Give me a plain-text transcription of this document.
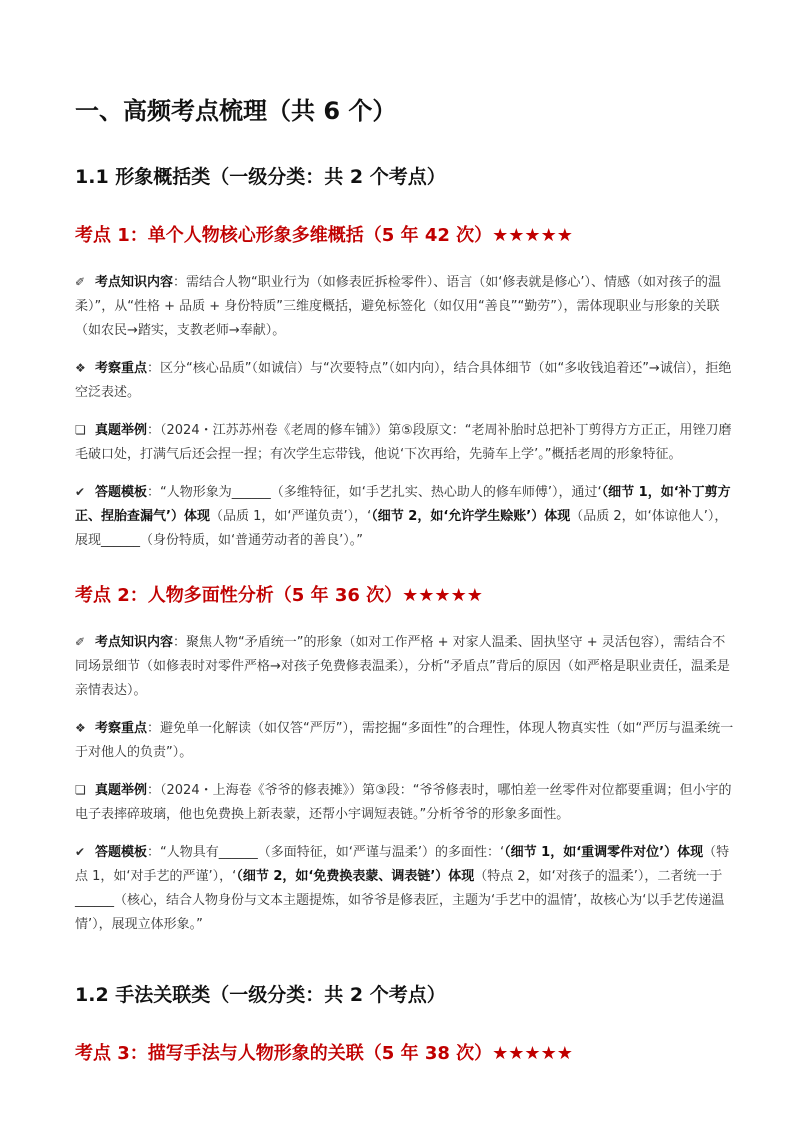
一、高频考点梳理（共 6 个）
1.1 形象概括类（一级分类：共 2 个考点）
考点 1：单个人物核心形象多维概括（5 年 42 次）★★★★★

✐ 考点知识内容：需结合人物“职业行为（如修表匠拆检零件）、语言（如‘修表就是修心’）、情感（如对孩子的温柔）”，从“性格 + 品质 + 身份特质”三维度概括，避免标签化（如仅用“善良”“勤劳”），需体现职业与形象的关联（如农民→踏实，支教老师→奉献）。

❖ 考察重点：区分“核心品质”（如诚信）与“次要特点”（如内向），结合具体细节（如“多收钱追着还”→诚信），拒绝空泛表述。

❏ 真题举例：（2024・江苏苏州卷《老周的修车铺》）第⑤段原文：“老周补胎时总把补丁剪得方方正正，用锉刀磨毛破口处，打满气后还会捏一捏；有次学生忘带钱，他说‘下次再给，先骑车上学’。”概括老周的形象特征。

✔ 答题模板：“人物形象为______（多维特征，如‘手艺扎实、热心助人的修车师傅’），通过‘（细节 1，如‘补丁剪方正、捏胎查漏气’）体现（品质 1，如‘严谨负责’），‘（细节 2，如‘允许学生赊账’）体现（品质 2，如‘体谅他人’），展现______（身份特质，如‘普通劳动者的善良’）。”

考点 2：人物多面性分析（5 年 36 次）★★★★★

✐ 考点知识内容：聚焦人物“矛盾统一”的形象（如对工作严格 + 对家人温柔、固执坚守 + 灵活包容），需结合不同场景细节（如修表时对零件严格→对孩子免费修表温柔），分析“矛盾点”背后的原因（如严格是职业责任，温柔是亲情表达）。

❖ 考察重点：避免单一化解读（如仅答“严厉”），需挖掘“多面性”的合理性，体现人物真实性（如“严厉与温柔统一于对他人的负责”）。

❏ 真题举例：（2024・上海卷《爷爷的修表摊》）第③段：“爷爷修表时，哪怕差一丝零件对位都要重调；但小宇的电子表摔碎玻璃，他也免费换上新表蒙，还帮小宇调短表链。”分析爷爷的形象多面性。

✔ 答题模板：“人物具有______（多面特征，如‘严谨与温柔’）的多面性：‘（细节 1，如‘重调零件对位’）体现（特点 1，如‘对手艺的严谨’），‘（细节 2，如‘免费换表蒙、调表链’）体现（特点 2，如‘对孩子的温柔’），二者统一于______（核心，结合人物身份与文本主题提炼，如爷爷是修表匠，主题为‘手艺中的温情’，故核心为‘以手艺传递温情’），展现立体形象。”

1.2 手法关联类（一级分类：共 2 个考点）
考点 3：描写手法与人物形象的关联（5 年 38 次）★★★★★
